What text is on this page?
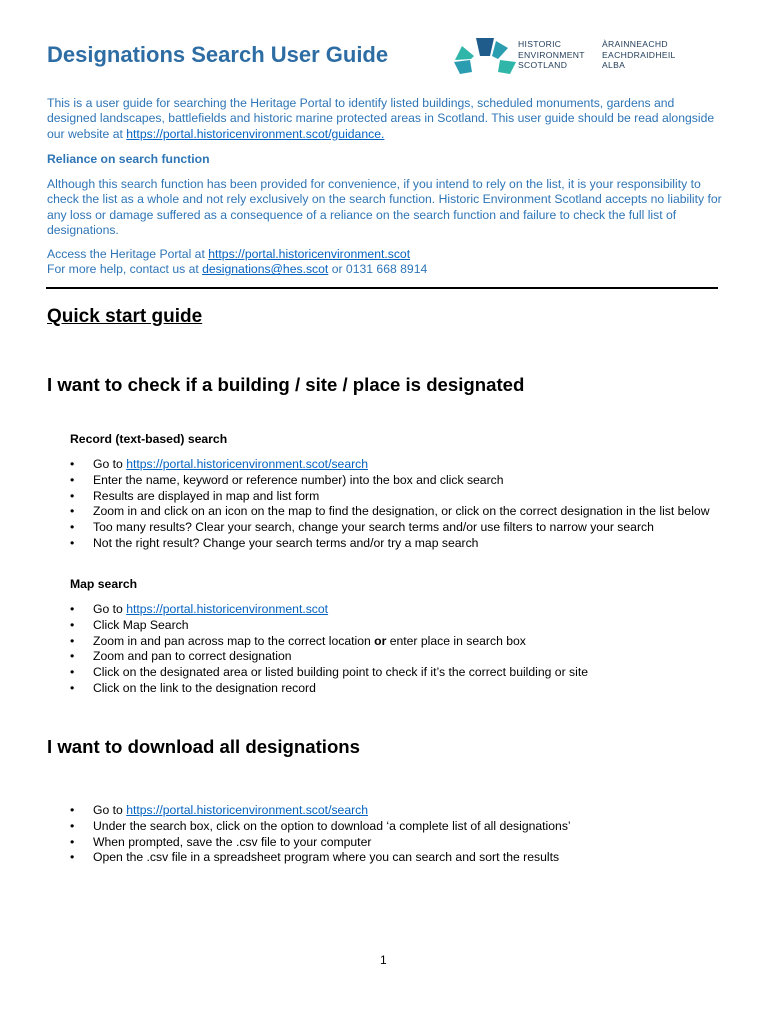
Designations Search User Guide	HISTORIC
ENVIRONMENT
SCOTLAND
ÀRAINNEACHD
EACHDRAIDHEIL
ALBA

This is a user guide for searching the Heritage Portal to identify listed buildings, scheduled monuments, gardens and designed landscapes, battlefields and historic marine protected areas in Scotland. This user guide should be read alongside our website at https://portal.historicenvironment.scot/guidance.

Reliance on search function

Although this search function has been provided for convenience, if you intend to rely on the list, it is your responsibility to check the list as a whole and not rely exclusively on the search function. Historic Environment Scotland accepts no liability for any loss or damage suffered as a consequence of a reliance on the search function and failure to check the full list of designations.

Access the Heritage Portal at https://portal.historicenvironment.scot
For more help, contact us at designations@hes.scot or 0131 668 8914

Quick start guide
I want to check if a building / site / place is designated
Record (text-based) search
• Go to https://portal.historicenvironment.scot/search
• Enter the name, keyword or reference number) into the box and click search
• Results are displayed in map and list form
• Zoom in and click on an icon on the map to find the designation, or click on the correct designation in the list below
• Too many results? Clear your search, change your search terms and/or use filters to narrow your search
• Not the right result? Change your search terms and/or try a map search
Map search
• Go to https://portal.historicenvironment.scot
• Click Map Search
• Zoom in and pan across map to the correct location or enter place in search box
• Zoom and pan to correct designation
• Click on the designated area or listed building point to check if it’s the correct building or site
• Click on the link to the designation record
I want to download all designations
• Go to https://portal.historicenvironment.scot/search
• Under the search box, click on the option to download ‘a complete list of all designations’
• When prompted, save the .csv file to your computer
• Open the .csv file in a spreadsheet program where you can search and sort the results
1
